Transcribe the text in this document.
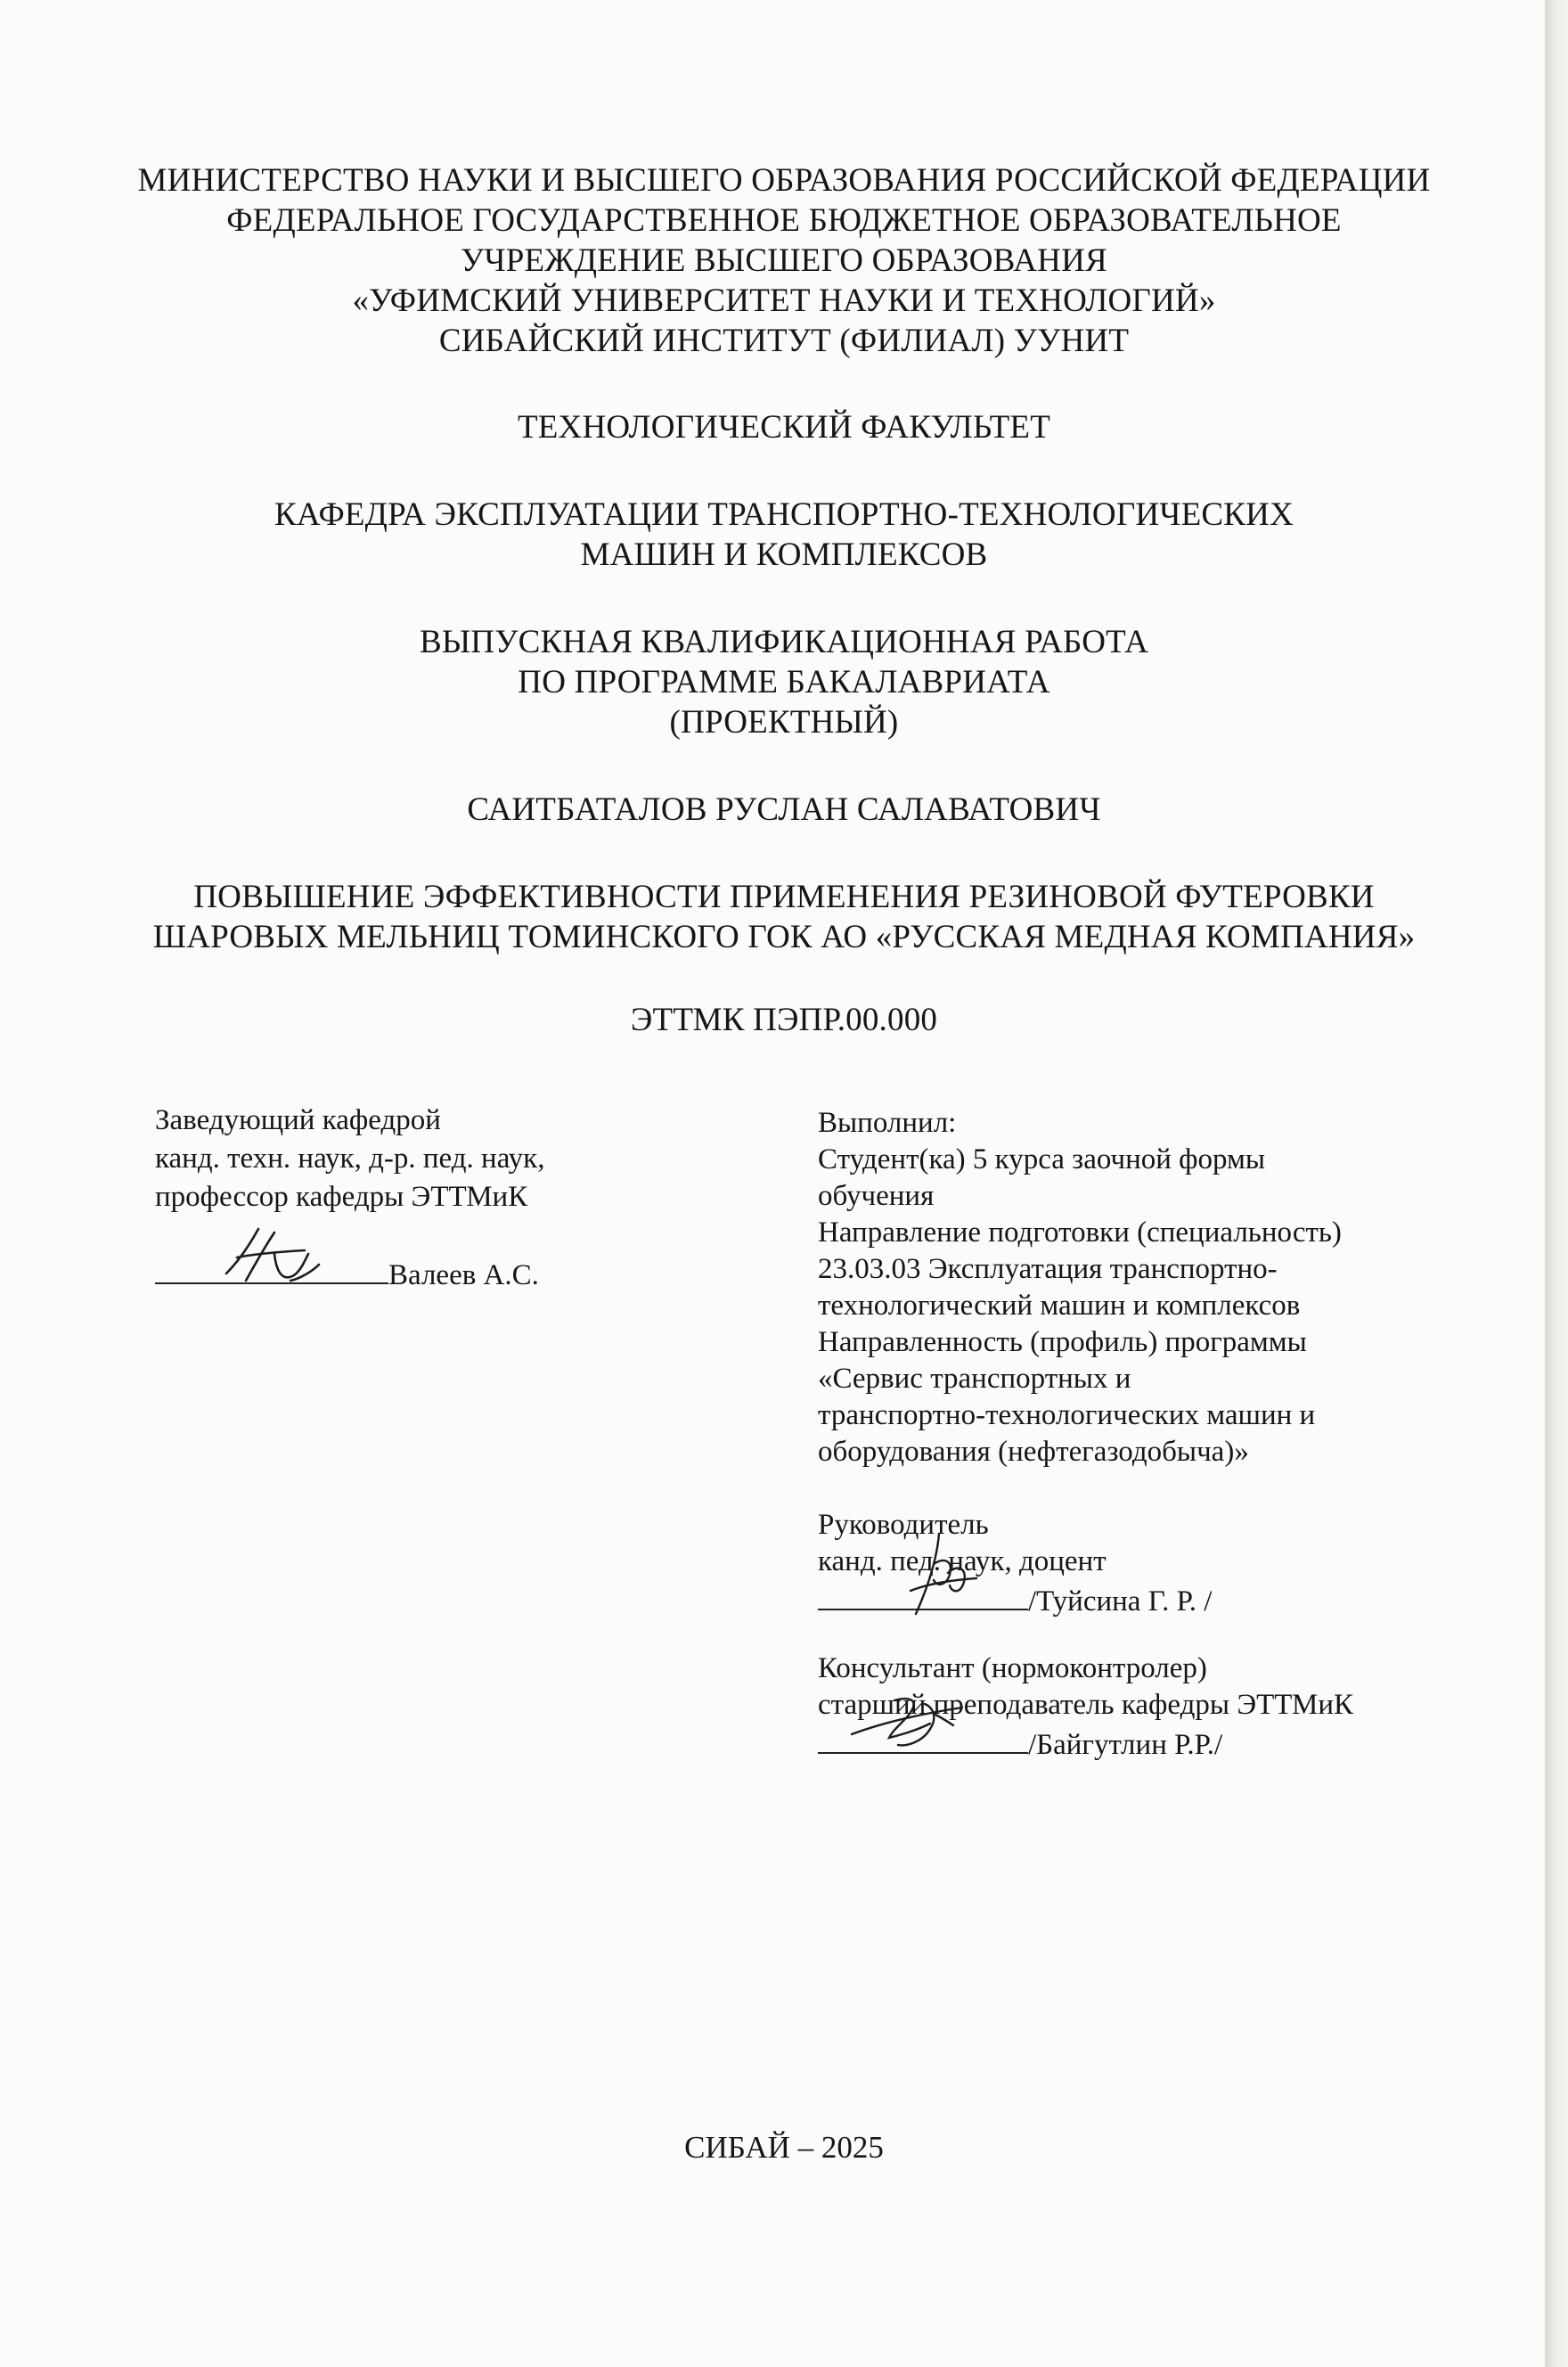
МИНИСТЕРСТВО НАУКИ И ВЫСШЕГО ОБРАЗОВАНИЯ РОССИЙСКОЙ ФЕДЕРАЦИИ
ФЕДЕРАЛЬНОЕ ГОСУДАРСТВЕННОЕ БЮДЖЕТНОЕ ОБРАЗОВАТЕЛЬНОЕ
УЧРЕЖДЕНИЕ ВЫСШЕГО ОБРАЗОВАНИЯ
«УФИМСКИЙ УНИВЕРСИТЕТ НАУКИ И ТЕХНОЛОГИЙ»
СИБАЙСКИЙ ИНСТИТУТ (ФИЛИАЛ) УУНИТ
ТЕХНОЛОГИЧЕСКИЙ ФАКУЛЬТЕТ
КАФЕДРА ЭКСПЛУАТАЦИИ ТРАНСПОРТНО-ТЕХНОЛОГИЧЕСКИХ
МАШИН И КОМПЛЕКСОВ
ВЫПУСКНАЯ КВАЛИФИКАЦИОННАЯ РАБОТА
ПО ПРОГРАММЕ БАКАЛАВРИАТА
(ПРОЕКТНЫЙ)
САИТБАТАЛОВ РУСЛАН САЛАВАТОВИЧ
ПОВЫШЕНИЕ ЭФФЕКТИВНОСТИ ПРИМЕНЕНИЯ РЕЗИНОВОЙ ФУТЕРОВКИ
ШАРОВЫХ МЕЛЬНИЦ ТОМИНСКОГО ГОК АО «РУССКАЯ МЕДНАЯ КОМПАНИЯ»
ЭТТМК ПЭПР.00.000
Заведующий кафедрой
канд. техн. наук, д-р. пед. наук,
профессор кафедры ЭТТМиК
Валеев А.С.
Выполнил:
Студент(ка) 5 курса заочной формы
обучения
Направление подготовки (специальность)
23.03.03 Эксплуатация транспортно-
технологический машин и комплексов
Направленность (профиль) программы
«Сервис транспортных и
транспортно-технологических машин и
оборудования (нефтегазодобыча)»
Руководитель
канд. пед. наук, доцент
/Туйсина Г. Р. /
Консультант (нормоконтролер)
старший преподаватель кафедры ЭТТМиК
/Байгутлин Р.Р./
СИБАЙ – 2025
